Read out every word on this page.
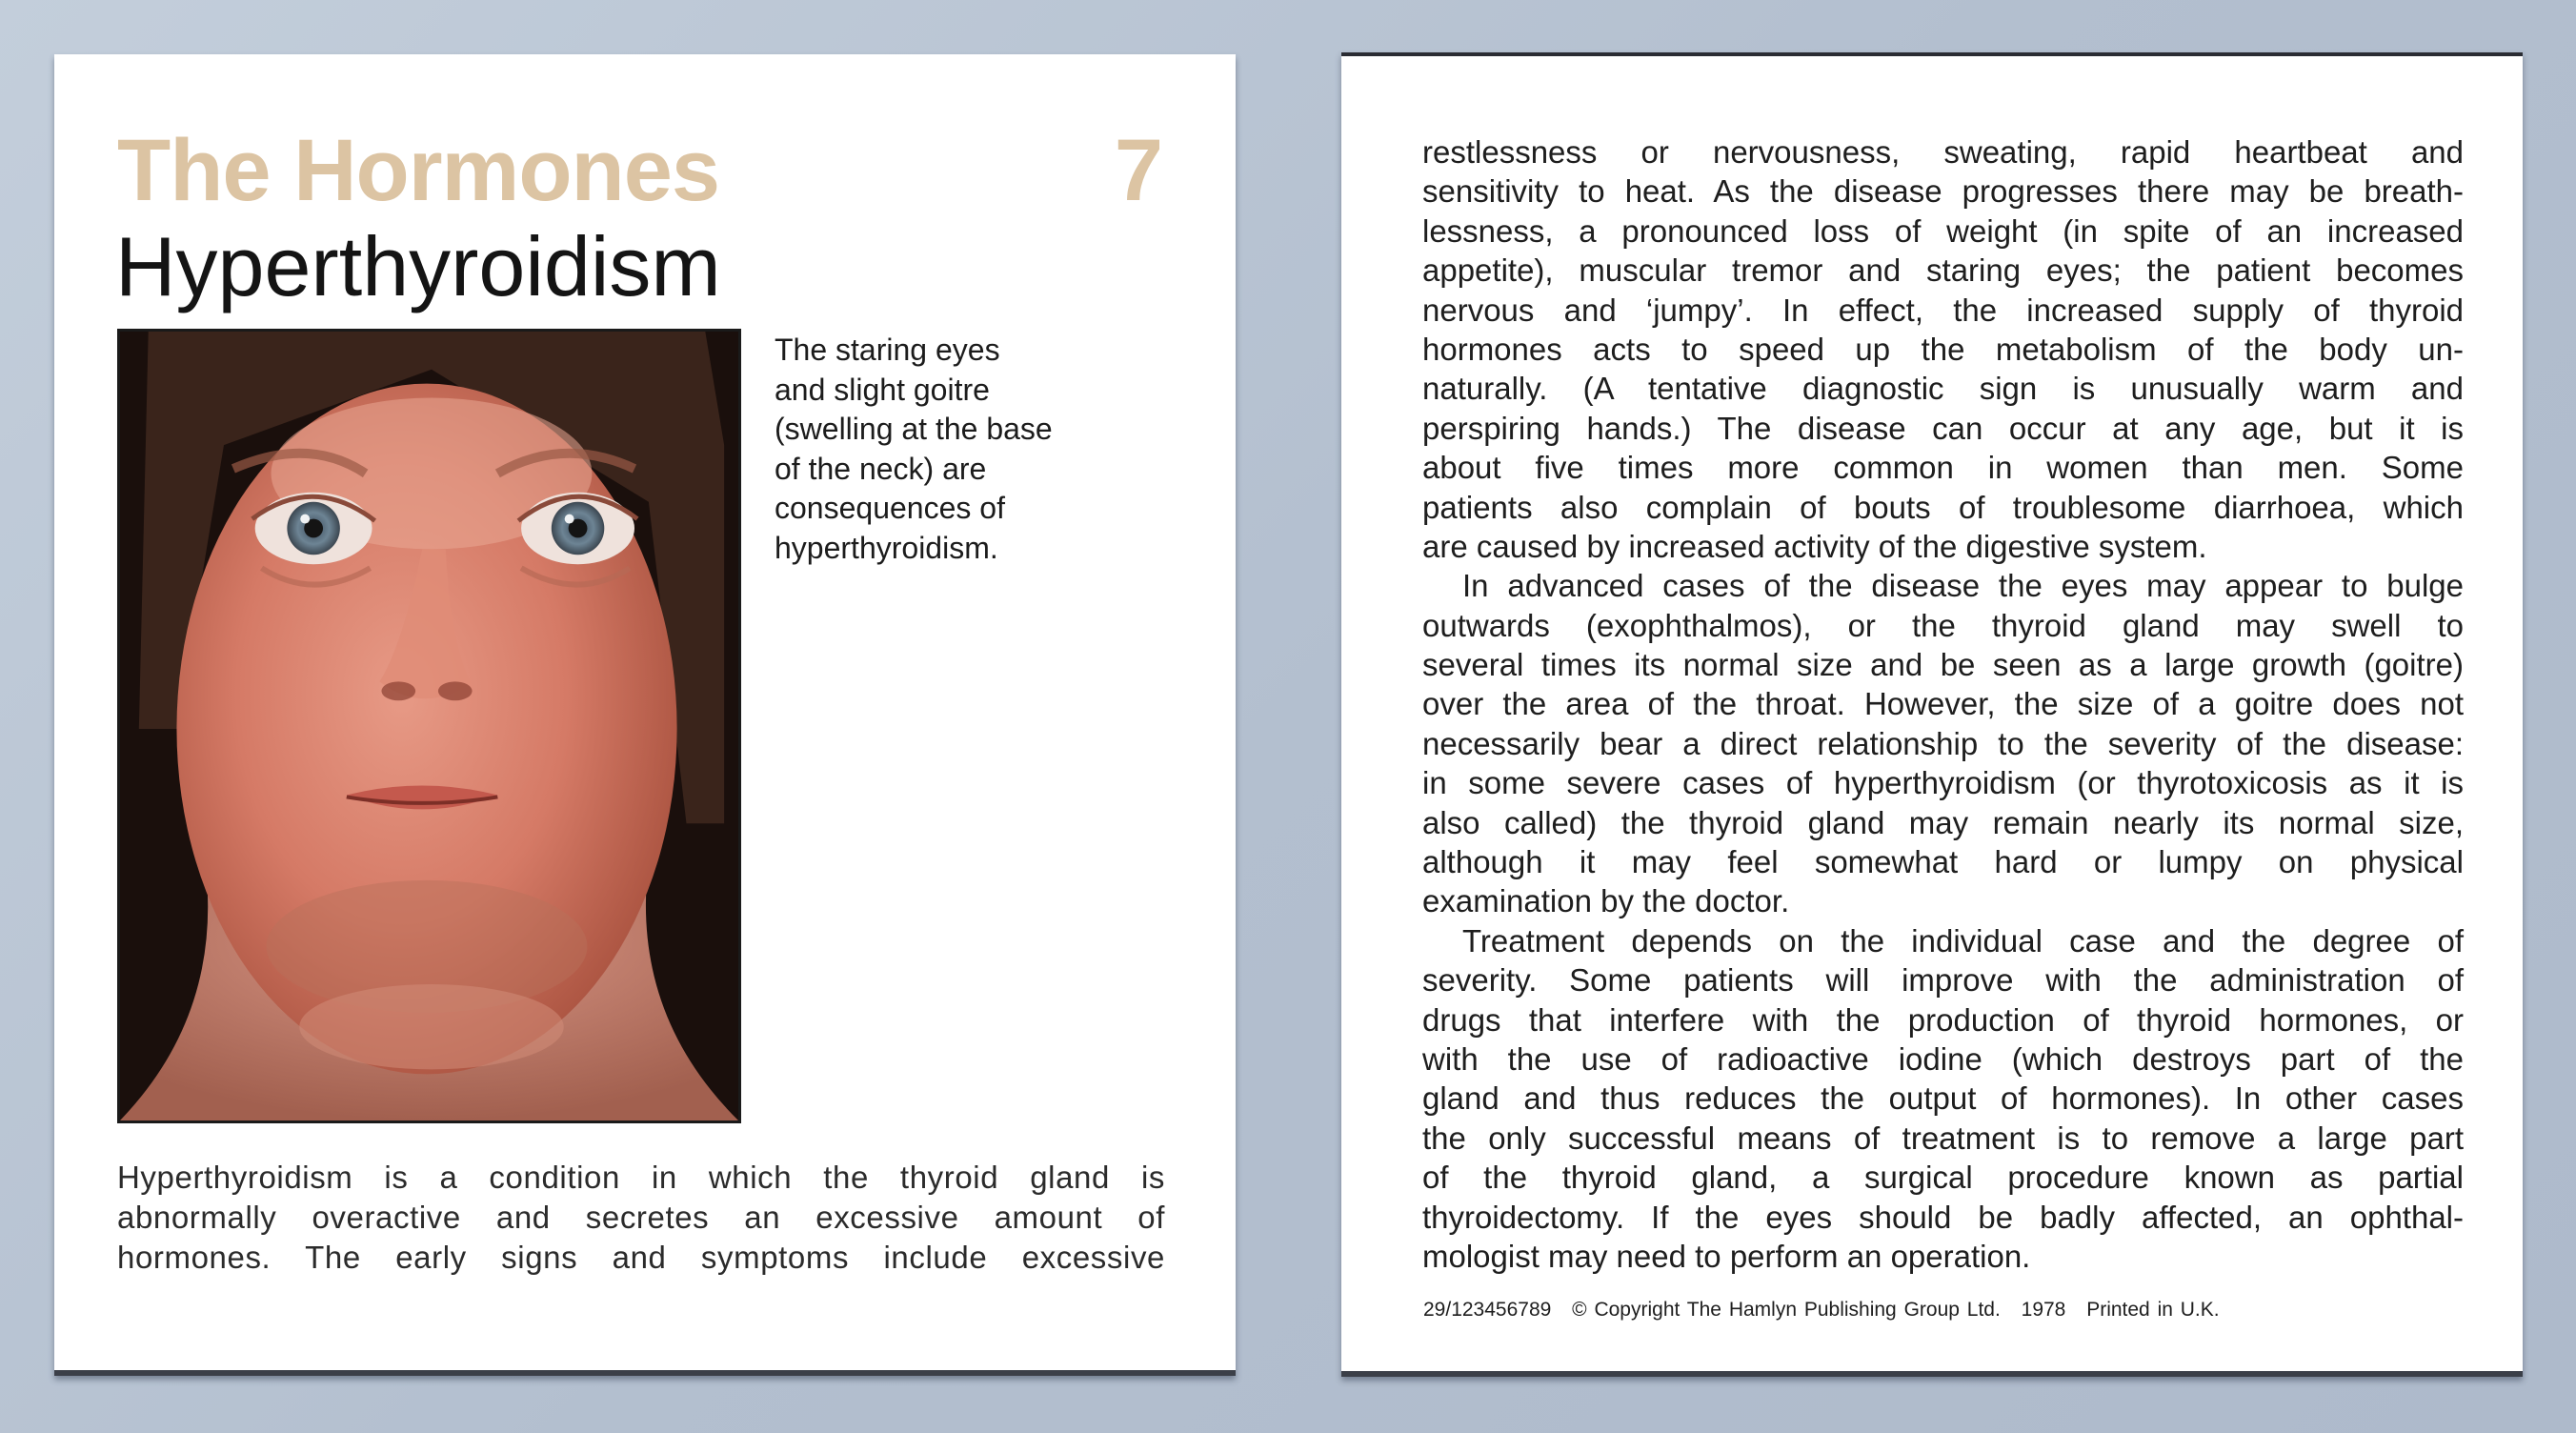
The Hormones	7
Hyperthyroidism
The staring eyes
and slight goitre
(swelling at the base
of the neck) are
consequences of
hyperthyroidism.
Hyperthyroidism is a condition in which the thyroid gland is
abnormally overactive and secretes an excessive amount of
hormones. The early signs and symptoms include excessive
restlessness or nervousness, sweating, rapid heartbeat and
sensitivity to heat. As the disease progresses there may be breath-
lessness, a pronounced loss of weight (in spite of an increased
appetite), muscular tremor and staring eyes; the patient becomes
nervous and ‘jumpy’. In effect, the increased supply of thyroid
hormones acts to speed up the metabolism of the body un-
naturally. (A tentative diagnostic sign is unusually warm and
perspiring hands.) The disease can occur at any age, but it is
about five times more common in women than men. Some
patients also complain of bouts of troublesome diarrhoea, which
are caused by increased activity of the digestive system.
In advanced cases of the disease the eyes may appear to bulge
outwards (exophthalmos), or the thyroid gland may swell to
several times its normal size and be seen as a large growth (goitre)
over the area of the throat. However, the size of a goitre does not
necessarily bear a direct relationship to the severity of the disease:
in some severe cases of hyperthyroidism (or thyrotoxicosis as it is
also called) the thyroid gland may remain nearly its normal size,
although it may feel somewhat hard or lumpy on physical
examination by the doctor.
Treatment depends on the individual case and the degree of
severity. Some patients will improve with the administration of
drugs that interfere with the production of thyroid hormones, or
with the use of radioactive iodine (which destroys part of the
gland and thus reduces the output of hormones). In other cases
the only successful means of treatment is to remove a large part
of the thyroid gland, a surgical procedure known as partial
thyroidectomy. If the eyes should be badly affected, an ophthal-
mologist may need to perform an operation.
29/123456789 © Copyright The Hamlyn Publishing Group Ltd. 1978 Printed in U.K.
